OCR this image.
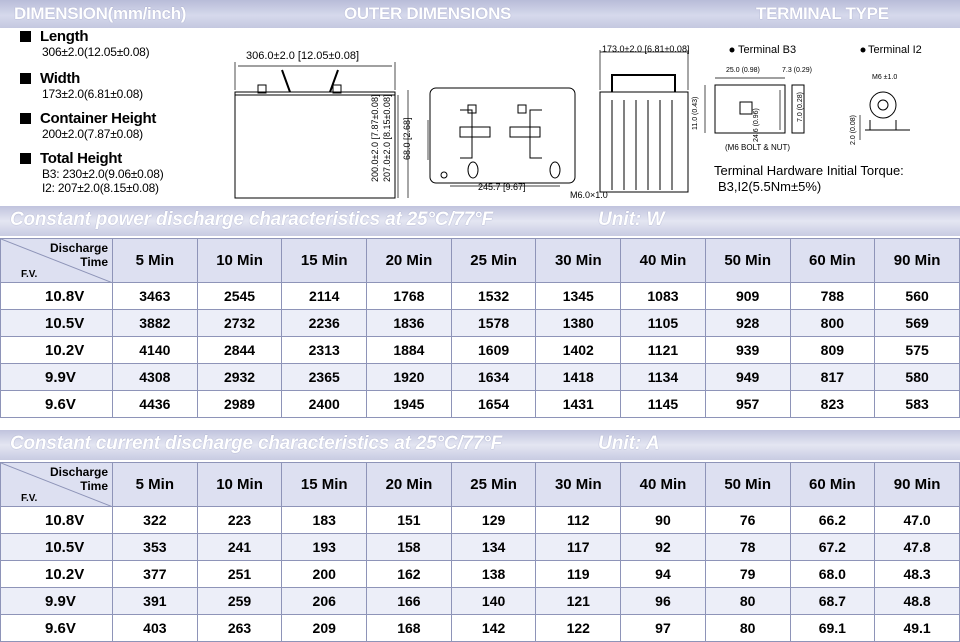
DIMENSION(mm/inch)	OUTER DIMENSIONS	TERMINAL TYPE
Length
306±2.0(12.05±0.08)
Width
173±2.0(6.81±0.08)
Container Height
200±2.0(7.87±0.08)
Total Height
B3: 230±2.0(9.06±0.08)
I2: 207±2.0(8.15±0.08)
306.0±2.0 [12.05±0.08]
200.0±2.0 [7.87±0.08] 207.0±2.0 [8.15±0.08] 68.0 [2.68]
245.7 [9.67]
M6.0×1.0
173.0±2.0 [6.81±0.08]	Terminal B3	Terminal I2
25.0 (0.98)	7.3 (0.29)
11.0 (0.43)	24.6 (0.96)
7.0 (0.28)
(M6 BOLT & NUT)
M6 ±1.0
2.0 (0.08)
Terminal Hardware Initial Torque:
B3,I2(5.5Nm±5%)
Constant power discharge characteristics at 25°C/77°F	Unit: W
Discharge
Time
F.V.	5 Min	10 Min	15 Min	20 Min	25 Min	30 Min	40 Min	50 Min	60 Min	90 Min
10.8V	3463	2545	2114	1768	1532	1345	1083	909	788	560
10.5V	3882	2732	2236	1836	1578	1380	1105	928	800	569
10.2V	4140	2844	2313	1884	1609	1402	1121	939	809	575
9.9V	4308	2932	2365	1920	1634	1418	1134	949	817	580
9.6V	4436	2989	2400	1945	1654	1431	1145	957	823	583
Constant current discharge characteristics at 25°C/77°F	Unit: A
Discharge
Time
F.V.	5 Min	10 Min	15 Min	20 Min	25 Min	30 Min	40 Min	50 Min	60 Min	90 Min
10.8V	322	223	183	151	129	112	90	76	66.2	47.0
10.5V	353	241	193	158	134	117	92	78	67.2	47.8
10.2V	377	251	200	162	138	119	94	79	68.0	48.3
9.9V	391	259	206	166	140	121	96	80	68.7	48.8
9.6V	403	263	209	168	142	122	97	80	69.1	49.1
